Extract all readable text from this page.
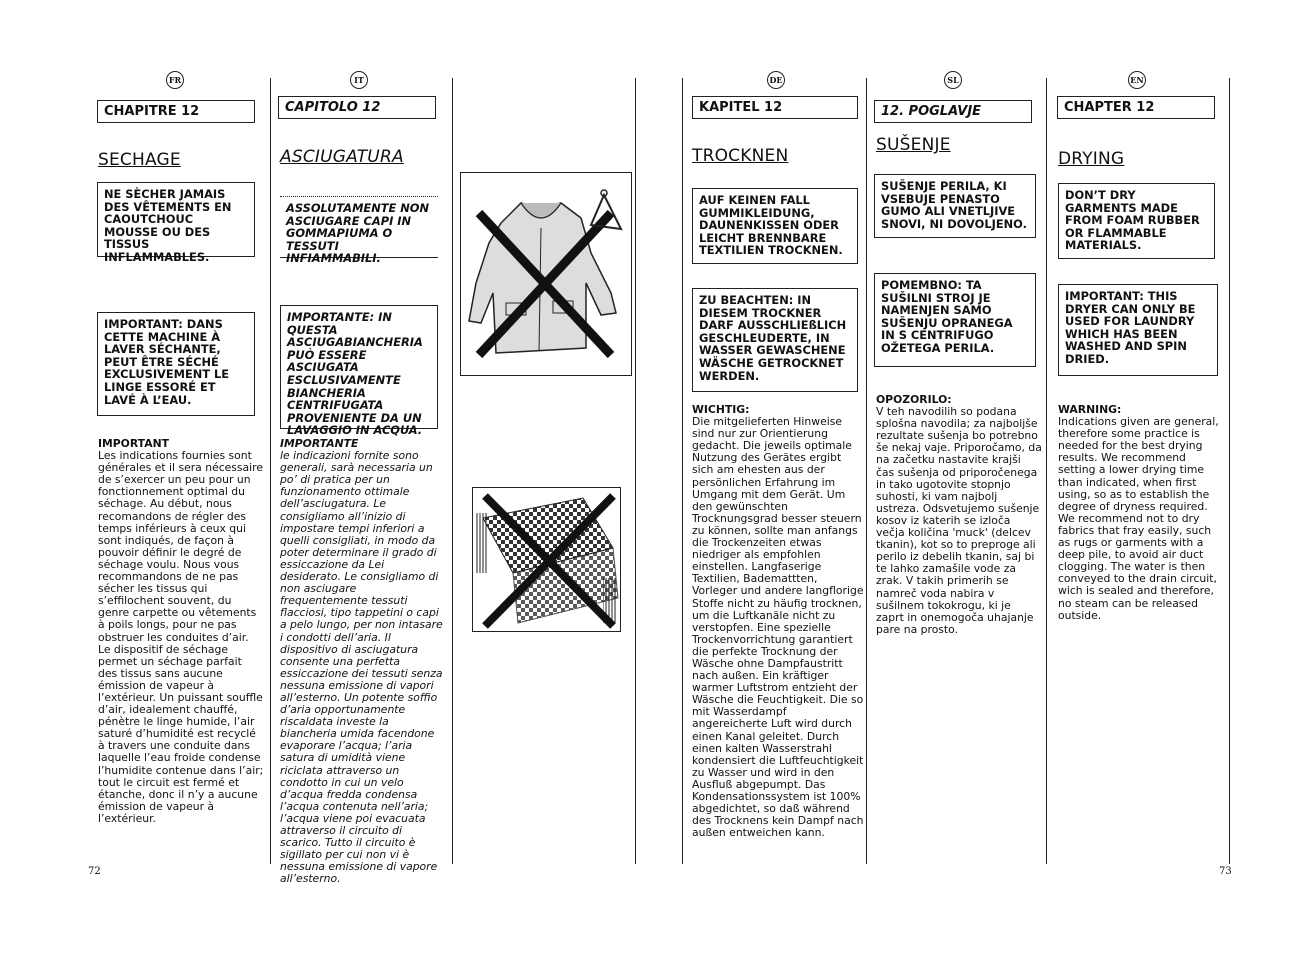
FR	IT	DE	SL	EN
CHAPITRE 12
SECHAGE
NE SÈCHER JAMAIS DES VÊTEMENTS EN CAOUTCHOUC MOUSSE OU DES TISSUS INFLAMMABLES.
IMPORTANT: DANS CETTE MACHINE À LAVER SÉCHANTE, PEUT ÊTRE SÉCHÉ EXCLUSIVEMENT LE LINGE ESSORÉ ET LAVÉ À L’EAU.
IMPORTANT
Les indications fournies sont générales et il sera nécessaire de s’exercer un peu pour un fonctionnement optimal du séchage. Au début, nous recomandons de régler des temps inférieurs à ceux qui sont indiqués, de façon à pouvoir définir le degré de séchage voulu. Nous vous recommandons de ne pas sécher les tissus qui s’effilochent souvent, du genre carpette ou vêtements à poils longs, pour ne pas obstruer les conduites d’air. Le dispositif de séchage permet un séchage parfait des tissus sans aucune émission de vapeur à l’extérieur. Un puissant souffle d’air, idealement chauffé, pénètre le linge humide, l’air saturé d’humidité est recyclé à travers une conduite dans laquelle l’eau froide condense l’humidite contenue dans l’air; tout le circuit est fermé et étanche, donc il n’y a aucune émission de vapeur à l’extérieur.
CAPITOLO 12
ASCIUGATURA
ASSOLUTAMENTE NON ASCIUGARE CAPI IN GOMMAPIUMA O TESSUTI INFIAMMABILI.
IMPORTANTE: IN QUESTA ASCIUGABIANCHERIA PUÒ ESSERE ASCIUGATA ESCLUSIVAMENTE BIANCHERIA CENTRIFUGATA PROVENIENTE DA UN LAVAGGIO IN ACQUA.
IMPORTANTE
le indicazioni fornite sono generali, sarà necessaria un po’ di pratica per un funzionamento ottimale dell’asciugatura. Le consigliamo all’inizio di impostare tempi inferiori a quelli consigliati, in modo da poter determinare il grado di essiccazione da Lei desiderato. Le consigliamo di non asciugare frequentemente tessuti flacciosi, tipo tappetini o capi a pelo lungo, per non intasare i condotti dell’aria. Il dispositivo di asciugatura consente una perfetta essiccazione dei tessuti senza nessuna emissione di vapori all’esterno. Un potente soffio d’aria opportunamente riscaldata investe la biancheria umida facendone evaporare l’acqua; l’aria satura di umidità viene riciclata attraverso un condotto in cui un velo d’acqua fredda condensa l’acqua contenuta nell’aria; l’acqua viene poi evacuata attraverso il circuito di scarico. Tutto il circuito è sigillato per cui non vi è nessuna emissione di vapore all’esterno.
KAPITEL 12
TROCKNEN
AUF KEINEN FALL GUMMIKLEIDUNG, DAUNENKISSEN ODER LEICHT BRENNBARE TEXTILIEN TROCKNEN.
ZU BEACHTEN: IN DIESEM TROCKNER DARF AUSSCHLIEßLICH GESCHLEUDERTE, IN WASSER GEWASCHENE WÄSCHE GETROCKNET WERDEN.
WICHTIG:
Die mitgelieferten Hinweise sind nur zur Orientierung gedacht. Die jeweils optimale Nutzung des Gerätes ergibt sich am ehesten aus der persönlichen Erfahrung im Umgang mit dem Gerät. Um den gewünschten Trocknungsgrad besser steuern zu können, sollte man anfangs die Trockenzeiten etwas niedriger als empfohlen einstellen. Langfaserige Textilien, Bademattten, Vorleger und andere langflorige Stoffe nicht zu häufig trocknen, um die Luftkanäle nicht zu verstopfen. Eine spezielle Trockenvorrichtung garantiert die perfekte Trocknung der Wäsche ohne Dampfaustritt nach außen. Ein kräftiger warmer Luftstrom entzieht der Wäsche die Feuchtigkeit. Die so mit Wasserdampf angereicherte Luft wird durch einen Kanal geleitet. Durch einen kalten Wasserstrahl kondensiert die Luftfeuchtigkeit zu Wasser und wird in den Ausfluß abgepumpt. Das Kondensationssystem ist 100% abgedichtet, so daß während des Trocknens kein Dampf nach außen entweichen kann.
12. POGLAVJE
SUŠENJE
SUŠENJE PERILA, KI VSEBUJE PENASTO GUMO ALI VNETLJIVE SNOVI, NI DOVOLJENO.
POMEMBNO: TA SUŠILNI STROJ JE NAMENJEN SAMO SUŠENJU OPRANEGA IN S CENTRIFUGO OŽETEGA PERILA.
OPOZORILO:
V teh navodilih so podana splošna navodila; za najboljše rezultate sušenja bo potrebno še nekaj vaje. Priporočamo, da na začetku nastavite krajši čas sušenja od priporočenega in tako ugotovite stopnjo suhosti, ki vam najbolj ustreza. Odsvetujemo sušenje kosov iz katerih se izloča večja količina 'muck' (delcev tkanin), kot so to preproge ali perilo iz debelih tkanin, saj bi te lahko zamašile vode za zrak. V takih primerih se namreč voda nabira v sušilnem tokokrogu, ki je zaprt in onemogoča uhajanje pare na prosto.
CHAPTER 12
DRYING
DON’T DRY GARMENTS MADE FROM FOAM RUBBER OR FLAMMABLE MATERIALS.
IMPORTANT: THIS DRYER CAN ONLY BE USED FOR LAUNDRY WHICH HAS BEEN WASHED AND SPIN DRIED.
WARNING:
Indications given are general, therefore some practice is needed for the best drying results. We recommend setting a lower drying time than indicated, when first using, so as to establish the degree of dryness required. We recommend not to dry fabrics that fray easily, such as rugs or garments with a deep pile, to avoid air duct clogging. The water is then conveyed to the drain circuit, wich is sealed and therefore, no steam can be released outside.
72	73
